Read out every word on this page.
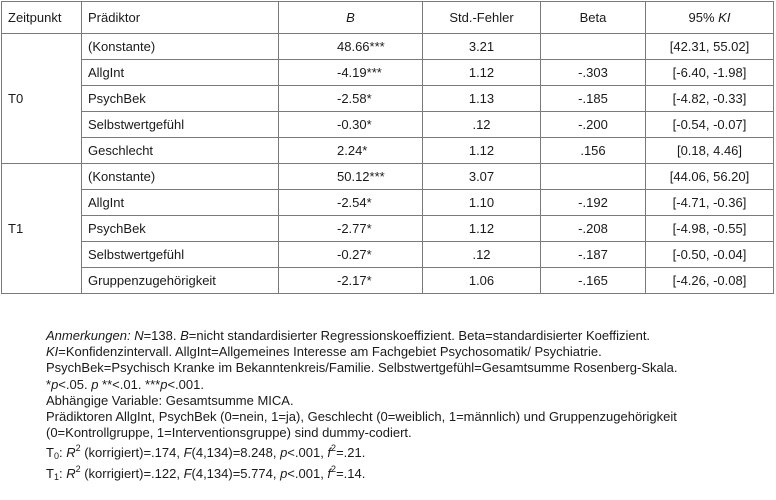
Zeitpunkt	Prädiktor	B	Std.-Fehler	Beta	95% KI
T0	(Konstante)	48.66***	3.21		[42.31, 55.02]
	AllgInt	-4.19***	1.12	-.303	[-6.40, -1.98]
	PsychBek	-2.58*	1.13	-.185	[-4.82, -0.33]
	Selbstwertgefühl	-0.30*	.12	-.200	[-0.54, -0.07]
	Geschlecht	2.24*	1.12	.156	[0.18, 4.46]
T1	(Konstante)	50.12***	3.07		[44.06, 56.20]
	AllgInt	-2.54*	1.10	-.192	[-4.71, -0.36]
	PsychBek	-2.77*	1.12	-.208	[-4.98, -0.55]
	Selbstwertgefühl	-0.27*	.12	-.187	[-0.50, -0.04]
	Gruppenzugehörigkeit	-2.17*	1.06	-.165	[-4.26, -0.08]
Anmerkungen: N=138. B=nicht standardisierter Regressionskoeffizient. Beta=standardisierter Koeffizient.
KI=Konfidenzintervall. AllgInt=Allgemeines Interesse am Fachgebiet Psychosomatik/ Psychiatrie.
PsychBek=Psychisch Kranke im Bekanntenkreis/Familie. Selbstwertgefühl=Gesamtsumme Rosenberg-Skala.
*p<.05. p **<.01. ***p<.001.
Abhängige Variable: Gesamtsumme MICA.
Prädiktoren AllgInt, PsychBek (0=nein, 1=ja), Geschlecht (0=weiblich, 1=männlich) und Gruppenzugehörigkeit (0=Kontrollgruppe, 1=Interventionsgruppe) sind dummy-codiert.
$T_0$: $R^2$ (korrigiert)=.174, F(4,134)=8.248, p<.001, $f^2=.21$.
$T_1$: $R^2$ (korrigiert)=.122, F(4,134)=5.774, p<.001, $f^2=.14$.
